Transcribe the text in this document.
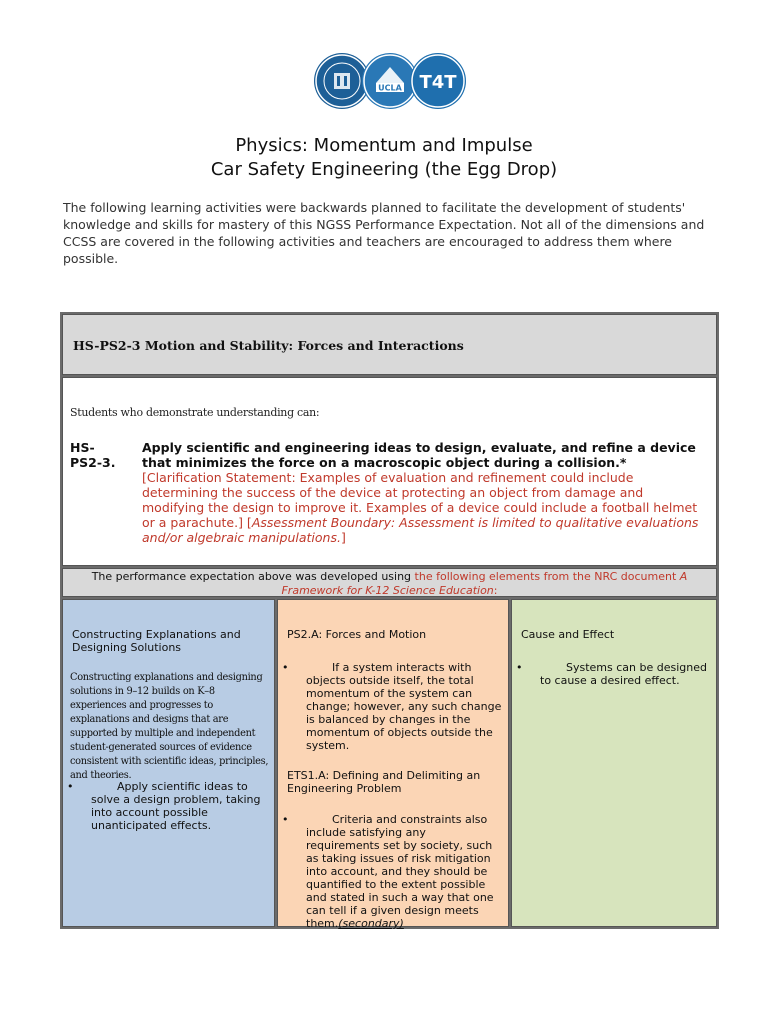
UCLA T4T
Physics: Momentum and Impulse
Car Safety Engineering (the Egg Drop)
The following learning activities were backwards planned to facilitate the development of students' knowledge and skills for mastery of this NGSS Performance Expectation. Not all of the dimensions and CCSS are covered in the following activities and teachers are encouraged to address them where possible.
HS-PS2-3 Motion and Stability: Forces and Interactions
Students who demonstrate understanding can:
HS-
PS2-3.
Apply scientific and engineering ideas to design, evaluate, and refine a device that minimizes the force on a macroscopic object during a collision.* [Clarification Statement: Examples of evaluation and refinement could include determining the success of the device at protecting an object from damage and modifying the design to improve it. Examples of a device could include a football helmet or a parachute.] [Assessment Boundary: Assessment is limited to qualitative evaluations and/or algebraic manipulations.]
The performance expectation above was developed using the following elements from the NRC document A Framework for K-12 Science Education:
Constructing Explanations and Designing Solutions
Constructing explanations and designing solutions in 9–12 builds on K–8 experiences and progresses to explanations and designs that are supported by multiple and independent student-generated sources of evidence consistent with scientific ideas, principles, and theories.
•	Apply scientific ideas to solve a design problem, taking into account possible unanticipated effects.
PS2.A: Forces and Motion
•	If a system interacts with objects outside itself, the total momentum of the system can change; however, any such change is balanced by changes in the momentum of objects outside the system.
ETS1.A: Defining and Delimiting an Engineering Problem
•	Criteria and constraints also include satisfying any requirements set by society, such as taking issues of risk mitigation into account, and they should be quantified to the extent possible and stated in such a way that one can tell if a given design meets them.(secondary)
Cause and Effect
•	Systems can be designed to cause a desired effect.
